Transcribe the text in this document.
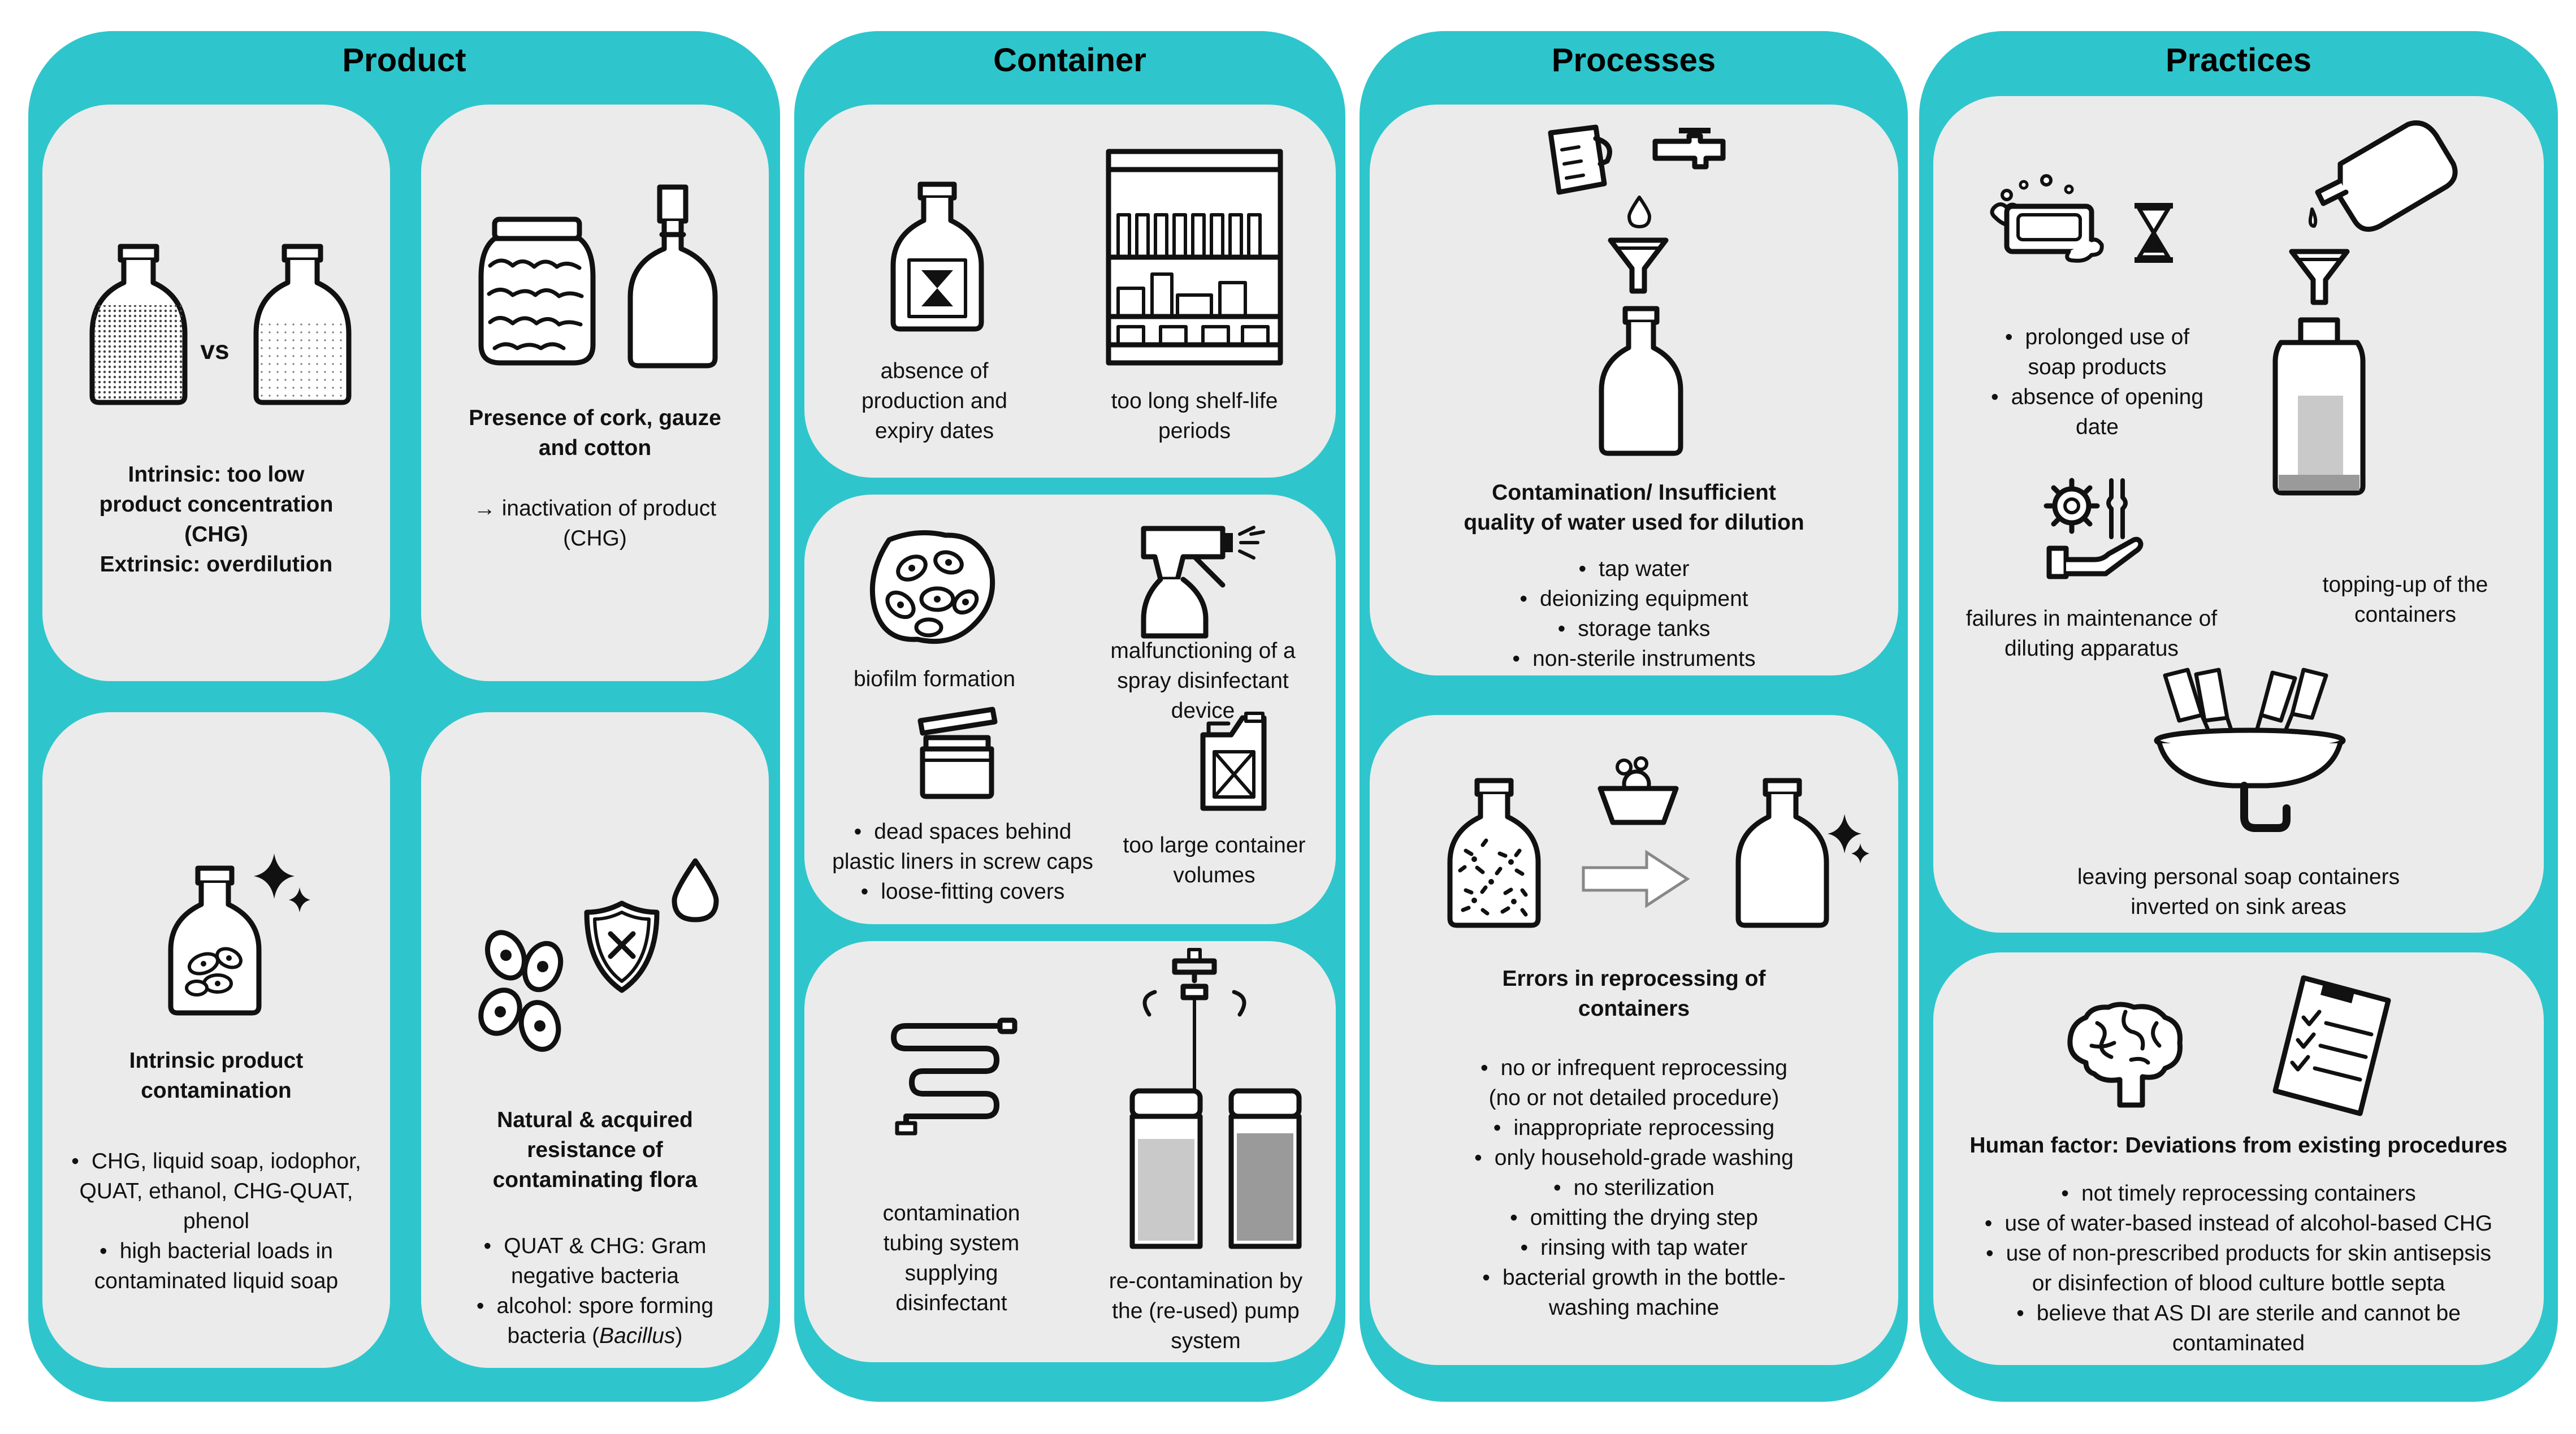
Product
vs
Intrinsic: too low
product concentration
(CHG)
Extrinsic: overdilution
Presence of cork, gauze
and cotton
→ inactivation of product
(CHG)
Intrinsic product
contamination
• CHG, liquid soap, iodophor,
QUAT, ethanol, CHG-QUAT,
phenol
• high bacterial loads in
contaminated liquid soap
Natural & acquired
resistance of
contaminating flora
• QUAT & CHG: Gram
negative bacteria
• alcohol: spore forming
bacteria (Bacillus)
Container
absence of
production and
expiry dates
too long shelf-life
periods
biofilm formation
malfunctioning of a
spray disinfectant
device
• dead spaces behind
plastic liners in screw caps
• loose-fitting covers
too large container
volumes
contamination
tubing system
supplying
disinfectant
re-contamination by
the (re-used) pump
system
Processes
Contamination/ Insufficient
quality of water used for dilution
• tap water
• deionizing equipment
• storage tanks
• non-sterile instruments
Errors in reprocessing of
containers
• no or infrequent reprocessing
(no or not detailed procedure)
• inappropriate reprocessing
• only household-grade washing
• no sterilization
• omitting the drying step
• rinsing with tap water
• bacterial growth in the bottle-
washing machine
Practices
• prolonged use of
soap products
• absence of opening
date
topping-up of the
containers
failures in maintenance of
diluting apparatus
leaving personal soap containers
inverted on sink areas
Human factor: Deviations from existing procedures
• not timely reprocessing containers
• use of water-based instead of alcohol-based CHG
• use of non-prescribed products for skin antisepsis
or disinfection of blood culture bottle septa
• believe that AS DI are sterile and cannot be
contaminated
